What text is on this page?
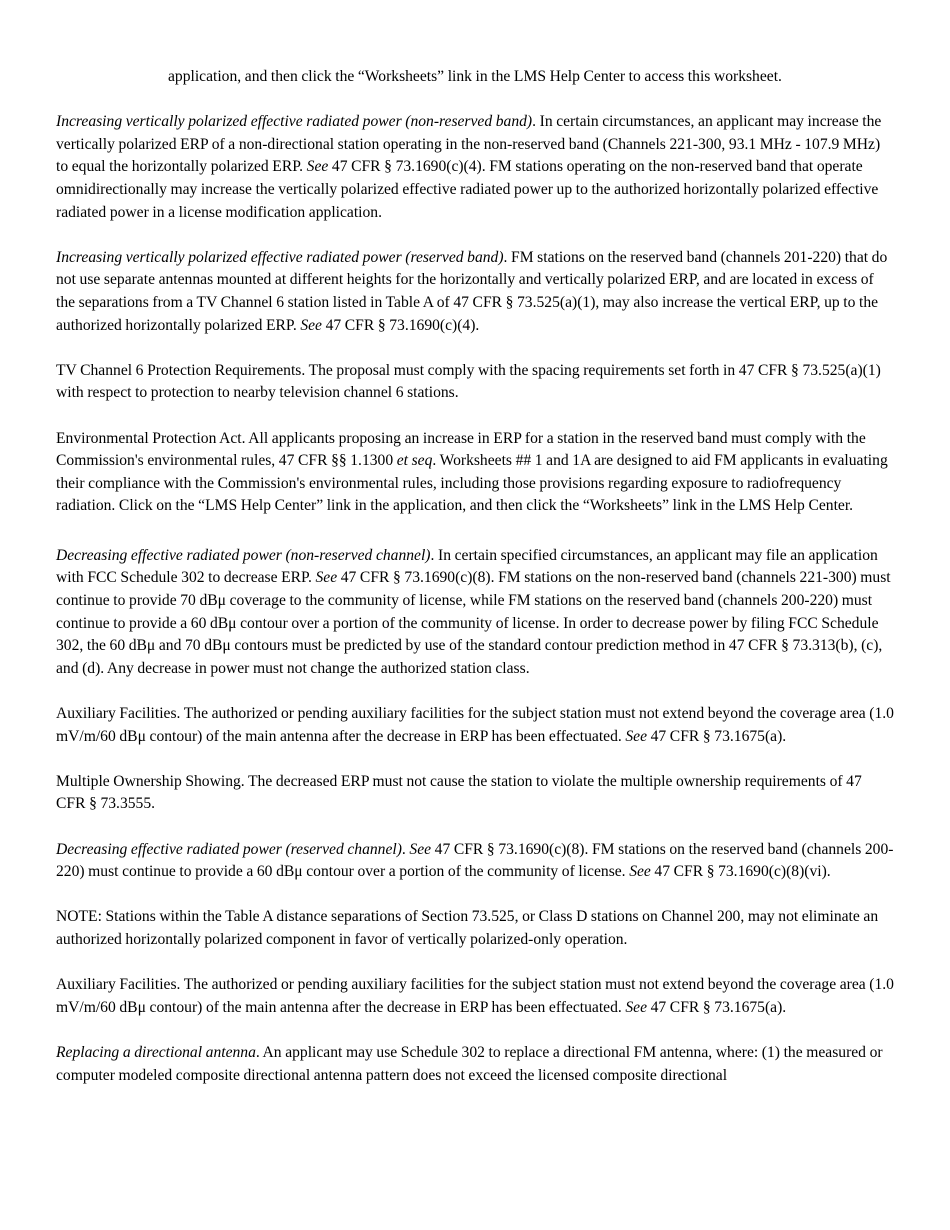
application, and then click the “Worksheets” link in the LMS Help Center to access this worksheet.

Increasing vertically polarized effective radiated power (non-reserved band). In certain circumstances, an applicant may increase the vertically polarized ERP of a non-directional station operating in the non-reserved band (Channels 221-300, 93.1 MHz - 107.9 MHz) to equal the horizontally polarized ERP. See 47 CFR § 73.1690(c)(4). FM stations operating on the non-reserved band that operate omnidirectionally may increase the vertically polarized effective radiated power up to the authorized horizontally polarized effective radiated power in a license modification application.

Increasing vertically polarized effective radiated power (reserved band). FM stations on the reserved band (channels 201-220) that do not use separate antennas mounted at different heights for the horizontally and vertically polarized ERP, and are located in excess of the separations from a TV Channel 6 station listed in Table A of 47 CFR § 73.525(a)(1), may also increase the vertical ERP, up to the authorized horizontally polarized ERP. See 47 CFR § 73.1690(c)(4).

TV Channel 6 Protection Requirements. The proposal must comply with the spacing requirements set forth in 47 CFR § 73.525(a)(1) with respect to protection to nearby television channel 6 stations.

Environmental Protection Act. All applicants proposing an increase in ERP for a station in the reserved band must comply with the Commission's environmental rules, 47 CFR §§ 1.1300 et seq. Worksheets ## 1 and 1A are designed to aid FM applicants in evaluating their compliance with the Commission's environmental rules, including those provisions regarding exposure to radiofrequency radiation. Click on the “LMS Help Center” link in the application, and then click the “Worksheets” link in the LMS Help Center.

Decreasing effective radiated power (non-reserved channel). In certain specified circumstances, an applicant may file an application with FCC Schedule 302 to decrease ERP. See 47 CFR § 73.1690(c)(8). FM stations on the non-reserved band (channels 221-300) must continue to provide 70 dBμ coverage to the community of license, while FM stations on the reserved band (channels 200-220) must continue to provide a 60 dBμ contour over a portion of the community of license. In order to decrease power by filing FCC Schedule 302, the 60 dBμ and 70 dBμ contours must be predicted by use of the standard contour prediction method in 47 CFR § 73.313(b), (c), and (d). Any decrease in power must not change the authorized station class.

Auxiliary Facilities. The authorized or pending auxiliary facilities for the subject station must not extend beyond the coverage area (1.0 mV/m/60 dBμ contour) of the main antenna after the decrease in ERP has been effectuated. See 47 CFR § 73.1675(a).

Multiple Ownership Showing. The decreased ERP must not cause the station to violate the multiple ownership requirements of 47 CFR § 73.3555.

Decreasing effective radiated power (reserved channel). See 47 CFR § 73.1690(c)(8). FM stations on the reserved band (channels 200-220) must continue to provide a 60 dBμ contour over a portion of the community of license. See 47 CFR § 73.1690(c)(8)(vi).

NOTE: Stations within the Table A distance separations of Section 73.525, or Class D stations on Channel 200, may not eliminate an authorized horizontally polarized component in favor of vertically polarized-only operation.

Auxiliary Facilities. The authorized or pending auxiliary facilities for the subject station must not extend beyond the coverage area (1.0 mV/m/60 dBμ contour) of the main antenna after the decrease in ERP has been effectuated. See 47 CFR § 73.1675(a).

Replacing a directional antenna. An applicant may use Schedule 302 to replace a directional FM antenna, where: (1) the measured or computer modeled composite directional antenna pattern does not exceed the licensed composite directional
